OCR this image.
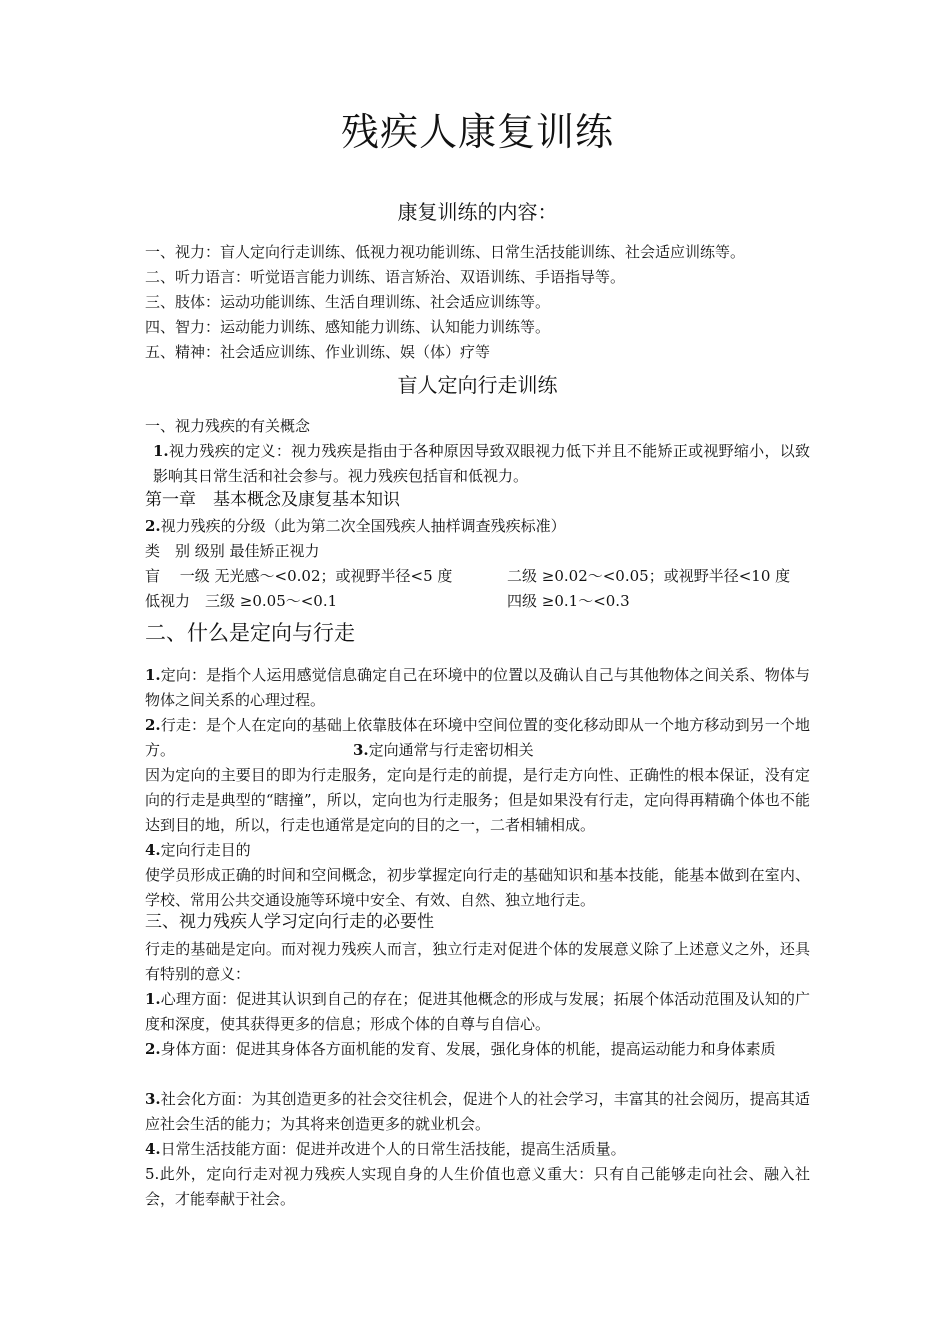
残疾人康复训练
康复训练的内容：
一、视力：盲人定向行走训练、低视力视功能训练、日常生活技能训练、社会适应训练等。
二、听力语言：听觉语言能力训练、语言矫治、双语训练、手语指导等。
三、肢体：运动功能训练、生活自理训练、社会适应训练等。
四、智力：运动能力训练、感知能力训练、认知能力训练等。
五、精神：社会适应训练、作业训练、娱（体）疗等
盲人定向行走训练
一、视力残疾的有关概念
1.视力残疾的定义：视力残疾是指由于各种原因导致双眼视力低下并且不能矫正或视野缩小，以致影响其日常生活和社会参与。视力残疾包括盲和低视力。
第一章　基本概念及康复基本知识
2.视力残疾的分级（此为第二次全国残疾人抽样调查残疾标准）
类　别 级别 最佳矫正视力
盲　 一级 无光感～<0.02；或视野半径<5 度	二级 ≥0.02～<0.05；或视野半径<10 度
低视力　三级 ≥0.05～<0.1	四级 ≥0.1～<0.3
二、什么是定向与行走
1.定向：是指个人运用感觉信息确定自己在环境中的位置以及确认自己与其他物体之间关系、物体与物体之间关系的心理过程。
2.行走：是个人在定向的基础上依靠肢体在环境中空间位置的变化移动即从一个地方移动到另一个地方。	3.定向通常与行走密切相关
因为定向的主要目的即为行走服务，定向是行走的前提，是行走方向性、正确性的根本保证，没有定向的行走是典型的“瞎撞”，所以，定向也为行走服务；但是如果没有行走，定向得再精确个体也不能达到目的地，所以，行走也通常是定向的目的之一，二者相辅相成。
4.定向行走目的
使学员形成正确的时间和空间概念，初步掌握定向行走的基础知识和基本技能，能基本做到在室内、学校、常用公共交通设施等环境中安全、有效、自然、独立地行走。
三、视力残疾人学习定向行走的必要性
行走的基础是定向。而对视力残疾人而言，独立行走对促进个体的发展意义除了上述意义之外，还具有特别的意义：
1.心理方面：促进其认识到自己的存在；促进其他概念的形成与发展；拓展个体活动范围及认知的广度和深度，使其获得更多的信息；形成个体的自尊与自信心。
2.身体方面：促进其身体各方面机能的发育、发展，强化身体的机能，提高运动能力和身体素质
3.社会化方面：为其创造更多的社会交往机会，促进个人的社会学习，丰富其的社会阅历，提高其适应社会生活的能力；为其将来创造更多的就业机会。
4.日常生活技能方面：促进并改进个人的日常生活技能，提高生活质量。
5.此外，定向行走对视力残疾人实现自身的人生价值也意义重大：只有自己能够走向社会、融入社会，才能奉献于社会。
